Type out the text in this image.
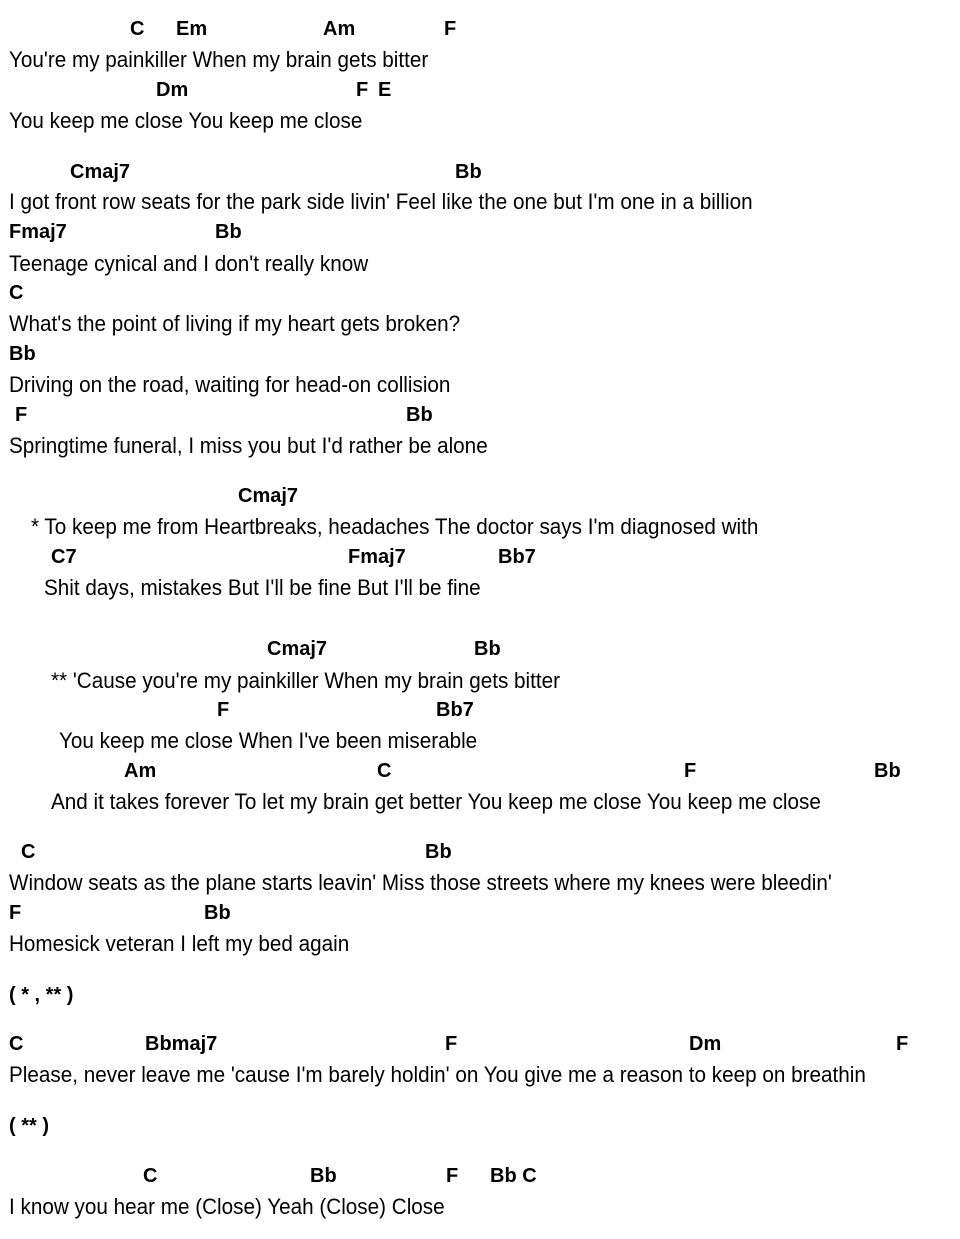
C Em	Am	F
You're my painkiller When my brain gets bitter
Dm	F E
You keep me close You keep me close
Cmaj7	Bb
I got front row seats for the park side livin' Feel like the one but I'm one in a billion
Fmaj7	Bb
Teenage cynical and I don't really know
C
What's the point of living if my heart gets broken?
Bb
Driving on the road, waiting for head-on collision
F	Bb
Springtime funeral, I miss you but I'd rather be alone
Cmaj7
* To keep me from Heartbreaks, headaches The doctor says I'm diagnosed with
C7	Fmaj7	Bb7
Shit days, mistakes But I'll be fine But I'll be fine
Cmaj7	Bb
** 'Cause you're my painkiller When my brain gets bitter
F	Bb7
You keep me close When I've been miserable
Am	C	F	Bb
And it takes forever To let my brain get better You keep me close You keep me close
C	Bb
Window seats as the plane starts leavin' Miss those streets where my knees were bleedin'
F	Bb
Homesick veteran I left my bed again
( * , ** )
C	Bbmaj7	F	Dm	F
Please, never leave me 'cause I'm barely holdin' on You give me a reason to keep on breathin
( ** )
C	Bb	F Bb C
I know you hear me (Close) Yeah (Close) Close
